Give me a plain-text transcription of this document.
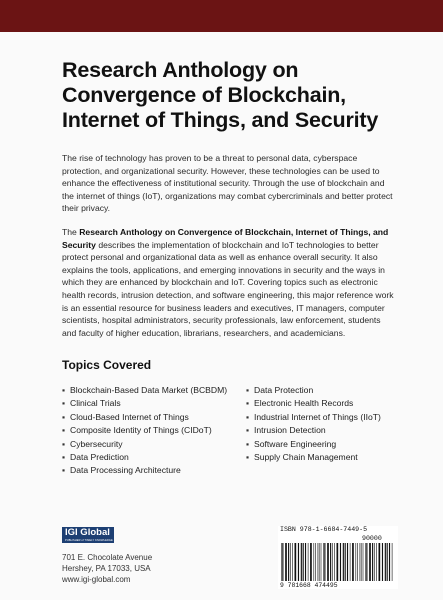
Research Anthology on
Convergence of Blockchain,
Internet of Things, and Security

The rise of technology has proven to be a threat to personal data, cyberspace protection, and organizational security. However, these technologies can be used to enhance the effectiveness of institutional security. Through the use of blockchain and the internet of things (IoT), organizations may combat cybercriminals and better protect their privacy.

The Research Anthology on Convergence of Blockchain, Internet of Things, and Security describes the implementation of blockchain and IoT technologies to better protect personal and organizational data as well as enhance overall security. It also explains the tools, applications, and emerging innovations in security and the ways in which they are enhanced by blockchain and IoT. Covering topics such as electronic health records, intrusion detection, and software engineering, this major reference work is an essential resource for business leaders and executives, IT managers, computer scientists, hospital administrators, security professionals, law enforcement, students and faculty of higher education, librarians, researchers, and academicians.

Topics Covered
▪ Blockchain-Based Data Market (BCBDM)
▪ Clinical Trials
▪ Cloud-Based Internet of Things
▪ Composite Identity of Things (CIDoT)
▪ Cybersecurity
▪ Data Prediction
▪ Data Processing Architecture
▪ Data Protection
▪ Electronic Health Records
▪ Industrial Internet of Things (IIoT)
▪ Intrusion Detection
▪ Software Engineering
▪ Supply Chain Management
IGI Global
PUBLISHER of TIMELY KNOWLEDGE
701 E. Chocolate Avenue
Hershey, PA 17033, USA
www.igi-global.com
ISBN 978-1-6684-7449-5
90000
9 781668 474495
